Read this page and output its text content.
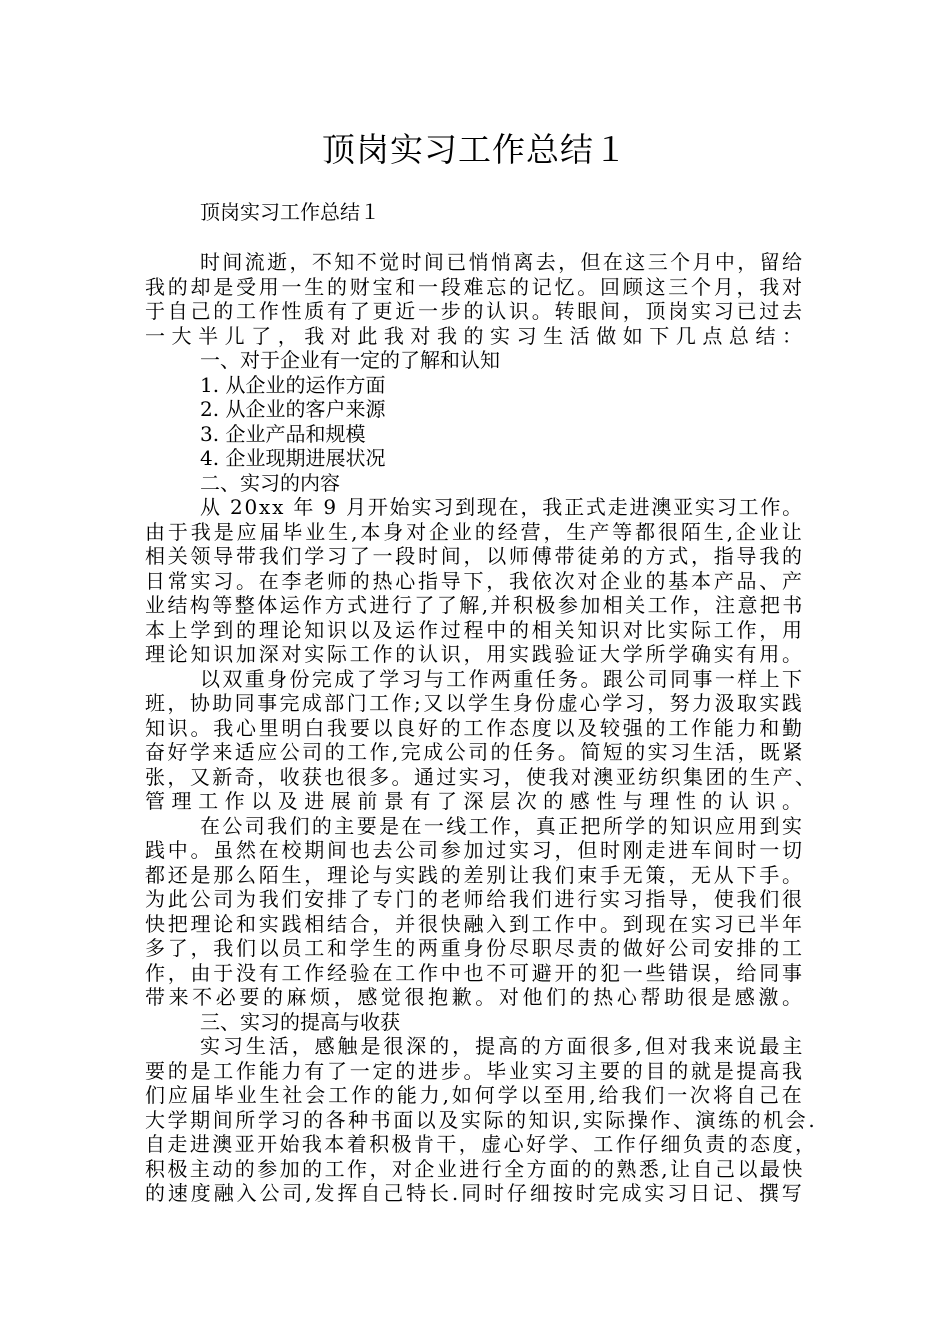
顶岗实习工作总结１
顶岗实习工作总结１
时间流逝，不知不觉时间已悄悄离去，但在这三个月中，留给
我的却是受用一生的财宝和一段难忘的记忆。回顾这三个月，我对
于自己的工作性质有了更近一步的认识。转眼间，顶岗实习已过去
一大半儿了，我对此我对我的实习生活做如下几点总结：
一、对于企业有一定的了解和认知
1. 从企业的运作方面
2. 从企业的客户来源
3. 企业产品和规模
4. 企业现期进展状况
二、实习的内容
从 20xx 年 9 月开始实习到现在，我正式走进澳亚实习工作。
由于我是应届毕业生,本身对企业的经营，生产等都很陌生,企业让
相关领导带我们学习了一段时间，以师傅带徒弟的方式，指导我的
日常实习。在李老师的热心指导下，我依次对企业的基本产品、产
业结构等整体运作方式进行了了解,并积极参加相关工作，注意把书
本上学到的理论知识以及运作过程中的相关知识对比实际工作，用
理论知识加深对实际工作的认识，用实践验证大学所学确实有用。
以双重身份完成了学习与工作两重任务。跟公司同事一样上下
班，协助同事完成部门工作;又以学生身份虚心学习，努力汲取实践
知识。我心里明白我要以良好的工作态度以及较强的工作能力和勤
奋好学来适应公司的工作,完成公司的任务。简短的实习生活，既紧
张，又新奇，收获也很多。通过实习，使我对澳亚纺织集团的生产、
管理工作以及进展前景有了深层次的感性与理性的认识。
在公司我们的主要是在一线工作，真正把所学的知识应用到实
践中。虽然在校期间也去公司参加过实习，但时刚走进车间时一切
都还是那么陌生，理论与实践的差别让我们束手无策，无从下手。
为此公司为我们安排了专门的老师给我们进行实习指导，使我们很
快把理论和实践相结合，并很快融入到工作中。到现在实习已半年
多了，我们以员工和学生的两重身份尽职尽责的做好公司安排的工
作，由于没有工作经验在工作中也不可避开的犯一些错误，给同事
带来不必要的麻烦，感觉很抱歉。对他们的热心帮助很是感激。
三、实习的提高与收获
实习生活，感触是很深的，提高的方面很多,但对我来说最主
要的是工作能力有了一定的进步。毕业实习主要的目的就是提高我
们应届毕业生社会工作的能力,如何学以至用,给我们一次将自己在
大学期间所学习的各种书面以及实际的知识,实际操作、演练的机会.
自走进澳亚开始我本着积极肯干，虚心好学、工作仔细负责的态度，
积极主动的参加的工作，对企业进行全方面的的熟悉,让自己以最快
的速度融入公司,发挥自己特长.同时仔细按时完成实习日记、撰写
